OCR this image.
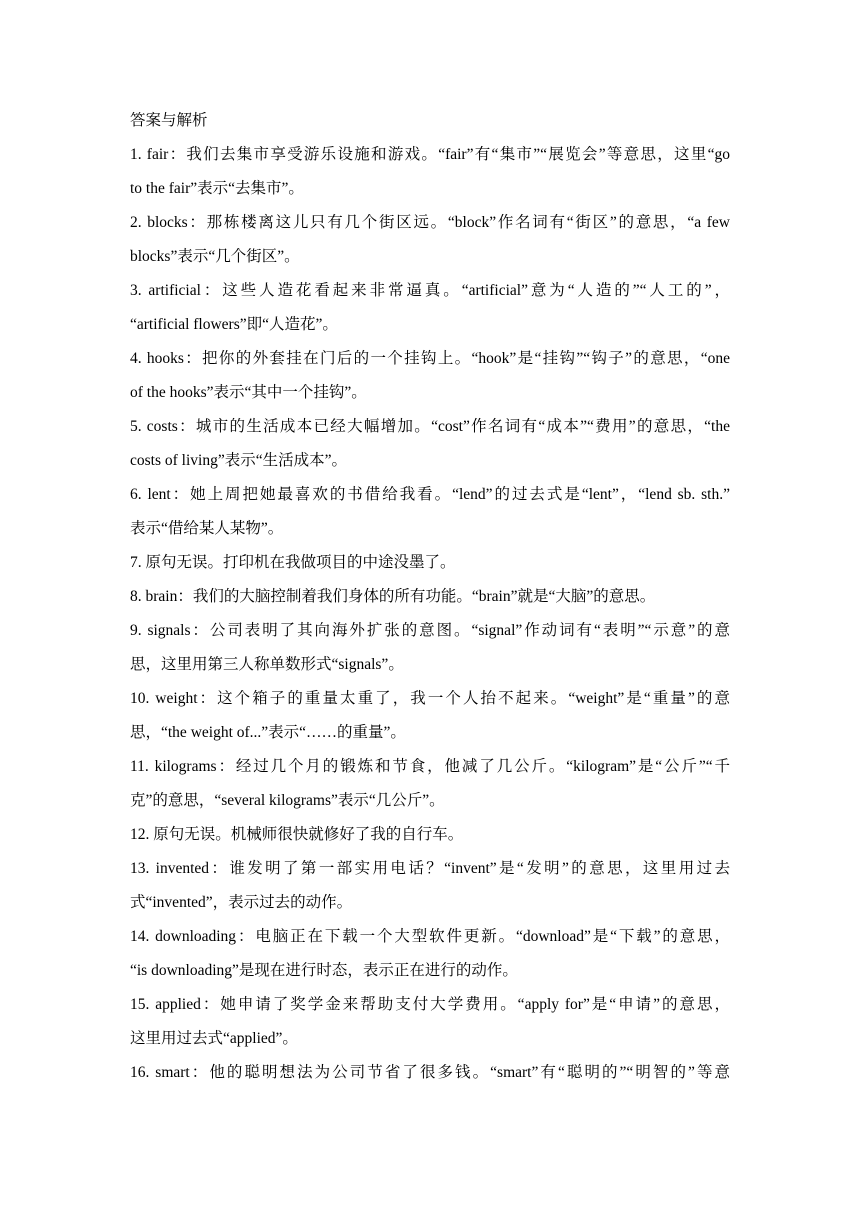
答案与解析
1. fair：我们去集市享受游乐设施和游戏。“fair”有“集市”“展览会”等意思，这里“go
to the fair”表示“去集市”。
2. blocks：那栋楼离这儿只有几个街区远。“block”作名词有“街区”的意思，“a few
blocks”表示“几个街区”。
3. artificial：这些人造花看起来非常逼真。“artificial”意为“人造的”“人工的”，
“artificial flowers”即“人造花”。
4. hooks：把你的外套挂在门后的一个挂钩上。“hook”是“挂钩”“钩子”的意思，“one
of the hooks”表示“其中一个挂钩”。
5. costs：城市的生活成本已经大幅增加。“cost”作名词有“成本”“费用”的意思，“the
costs of living”表示“生活成本”。
6. lent：她上周把她最喜欢的书借给我看。“lend”的过去式是“lent”，“lend sb. sth.”
表示“借给某人某物”。
7. 原句无误。打印机在我做项目的中途没墨了。
8. brain：我们的大脑控制着我们身体的所有功能。“brain”就是“大脑”的意思。
9. signals：公司表明了其向海外扩张的意图。“signal”作动词有“表明”“示意”的意
思，这里用第三人称单数形式“signals”。
10. weight：这个箱子的重量太重了，我一个人抬不起来。“weight”是“重量”的意
思，“the weight of...”表示“……的重量”。
11. kilograms：经过几个月的锻炼和节食，他减了几公斤。“kilogram”是“公斤”“千
克”的意思，“several kilograms”表示“几公斤”。
12. 原句无误。机械师很快就修好了我的自行车。
13. invented：谁发明了第一部实用电话？“invent”是“发明”的意思，这里用过去
式“invented”，表示过去的动作。
14. downloading：电脑正在下载一个大型软件更新。“download”是“下载”的意思，
“is downloading”是现在进行时态，表示正在进行的动作。
15. applied：她申请了奖学金来帮助支付大学费用。“apply for”是“申请”的意思，
这里用过去式“applied”。
16. smart：他的聪明想法为公司节省了很多钱。“smart”有“聪明的”“明智的”等意
